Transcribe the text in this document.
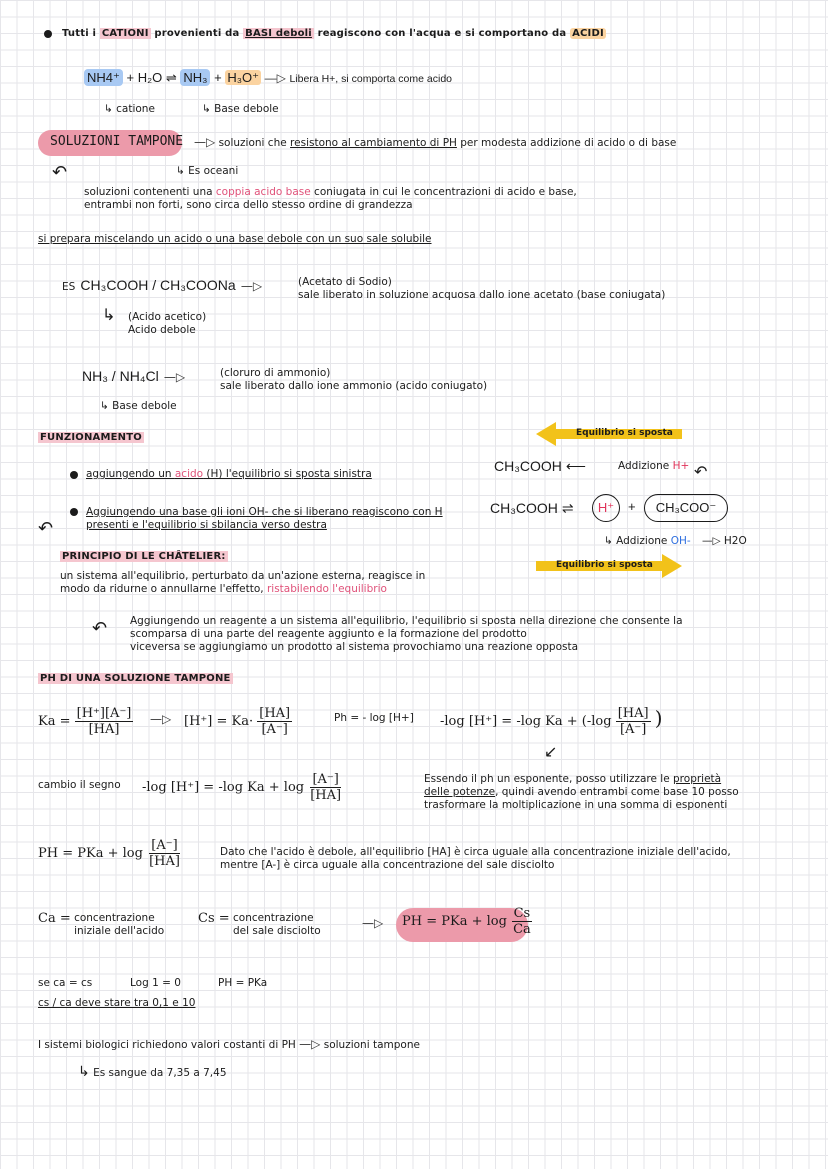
Tutti i CATIONI provenienti da BASI deboli reagiscono con l'acqua e si comportano da ACIDI
NH4⁺ + H₂O ⇌ NH₃ + H₃O⁺ —▷ Libera H+, si comporta come acido
↳ catione	↳ Base debole
SOLUZIONI TAMPONE —▷ soluzioni che resistono al cambiamento di PH per modesta addizione di acido o di base
↳ Es oceani
↶
soluzioni contenenti una coppia acido base coniugata in cui le concentrazioni di acido e base,
entrambi non forti, sono circa dello stesso ordine di grandezza
si prepara miscelando un acido o una base debole con un suo sale solubile
ES CH₃COOH / CH₃COONa —▷	(Acetato di Sodio)
sale liberato in soluzione acquosa dallo ione acetato (base coniugata)
↳ (Acido acetico)
Acido debole
NH₃ / NH₄Cl —▷	(cloruro di ammonio)
sale liberato dallo ione ammonio (acido coniugato)
↳ Base debole
FUNZIONAMENTO
aggiungendo un acido (H) l'equilibrio si sposta sinistra
Aggiungendo una base gli ioni OH- che si liberano reagiscono con H
presenti e l'equilibrio si sbilancia verso destra
↶
Equilibrio si sposta
CH₃COOH ⟵	Addizione H+ ↶
CH₃COOH ⇌ H⁺ + CH₃COO⁻
↳ Addizione OH- —▷ H2O
Equilibrio si sposta
PRINCIPIO DI LE CHÂTELIER:
un sistema all'equilibrio, perturbato da un'azione esterna, reagisce in
modo da ridurne o annullarne l'effetto, ristabilendo l'equilibrio
↶ Aggiungendo un reagente a un sistema all'equilibrio, l'equilibrio si sposta nella direzione che consente la
scomparsa di una parte del reagente aggiunto e la formazione del prodotto
viceversa se aggiungiamo un prodotto al sistema provochiamo una reazione opposta
PH DI UNA SOLUZIONE TAMPONE
$Ka = \frac{[H^+][A^-]}{[HA]}$ —▷ $[H^+] = Ka\cdot \frac{[HA]}{[A^-]}$	Ph = - log [H+] -log [H⁺] = -log $Ka + (-\log \frac{[HA]}{[A^-]}$ )
↙
cambio il segno -log [H⁺] = -log $Ka + \log \frac{[A^-]}{[HA]}$	Essendo il ph un esponente, posso utilizzare le proprietà
delle potenze, quindi avendo entrambi come base 10 posso
trasformare la moltiplicazione in una somma di esponenti
PH = PKa + $\log \frac{[A^-]}{[HA]}$	Dato che l'acido è debole, all'equilibrio [HA] è circa uguale alla concentrazione iniziale dell'acido,
mentre [A-] è circa uguale alla concentrazione del sale disciolto
Ca = concentrazione
iniziale dell'acido
Cs = concentrazione
del sale disciolto
—▷ PH = PKa + $\log \frac{Cs}{Ca}$
se ca = cs	Log 1 = 0	PH = PKa
cs / ca deve stare tra 0,1 e 10
I sistemi biologici richiedono valori costanti di PH —▷ soluzioni tampone
↳ Es sangue da 7,35 a 7,45
